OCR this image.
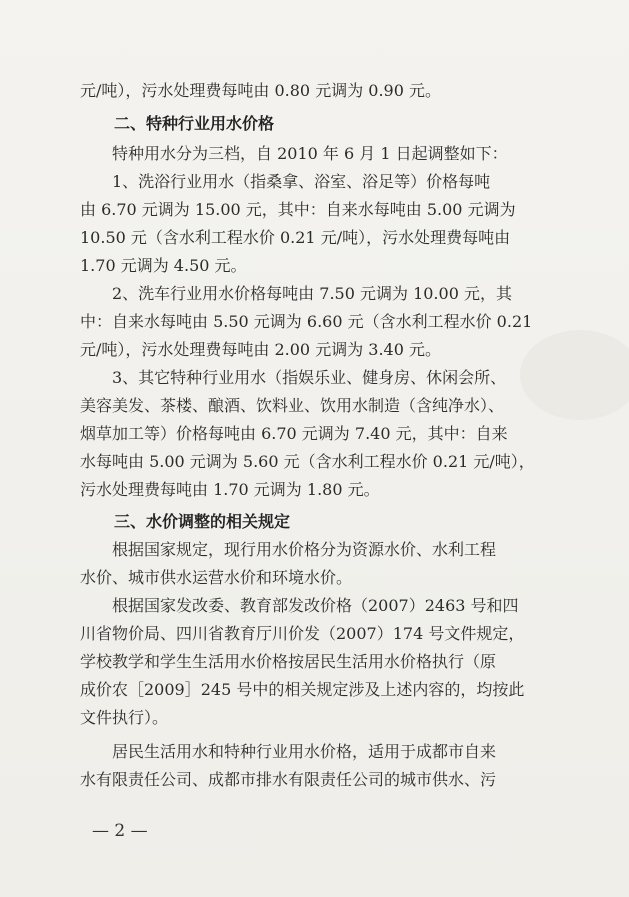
元/吨），污水处理费每吨由 0.80 元调为 0.90 元。

二、特种行业用水价格

特种用水分为三档，自 2010 年 6 月 1 日起调整如下：

1、洗浴行业用水（指桑拿、浴室、浴足等）价格每吨

由 6.70 元调为 15.00 元，其中：自来水每吨由 5.00 元调为

10.50 元（含水利工程水价 0.21 元/吨），污水处理费每吨由

1.70 元调为 4.50 元。

2、洗车行业用水价格每吨由 7.50 元调为 10.00 元，其

中：自来水每吨由 5.50 元调为 6.60 元（含水利工程水价 0.21

元/吨），污水处理费每吨由 2.00 元调为 3.40 元。

3、其它特种行业用水（指娱乐业、健身房、休闲会所、

美容美发、茶楼、酿酒、饮料业、饮用水制造（含纯净水）、

烟草加工等）价格每吨由 6.70 元调为 7.40 元，其中：自来

水每吨由 5.00 元调为 5.60 元（含水利工程水价 0.21 元/吨），

污水处理费每吨由 1.70 元调为 1.80 元。

三、水价调整的相关规定

根据国家规定，现行用水价格分为资源水价、水利工程

水价、城市供水运营水价和环境水价。

根据国家发改委、教育部发改价格（2007）2463 号和四

川省物价局、四川省教育厅川价发（2007）174 号文件规定，

学校教学和学生生活用水价格按居民生活用水价格执行（原

成价农［2009］245 号中的相关规定涉及上述内容的，均按此

文件执行）。

居民生活用水和特种行业用水价格，适用于成都市自来

水有限责任公司、成都市排水有限责任公司的城市供水、污

— 2 —
